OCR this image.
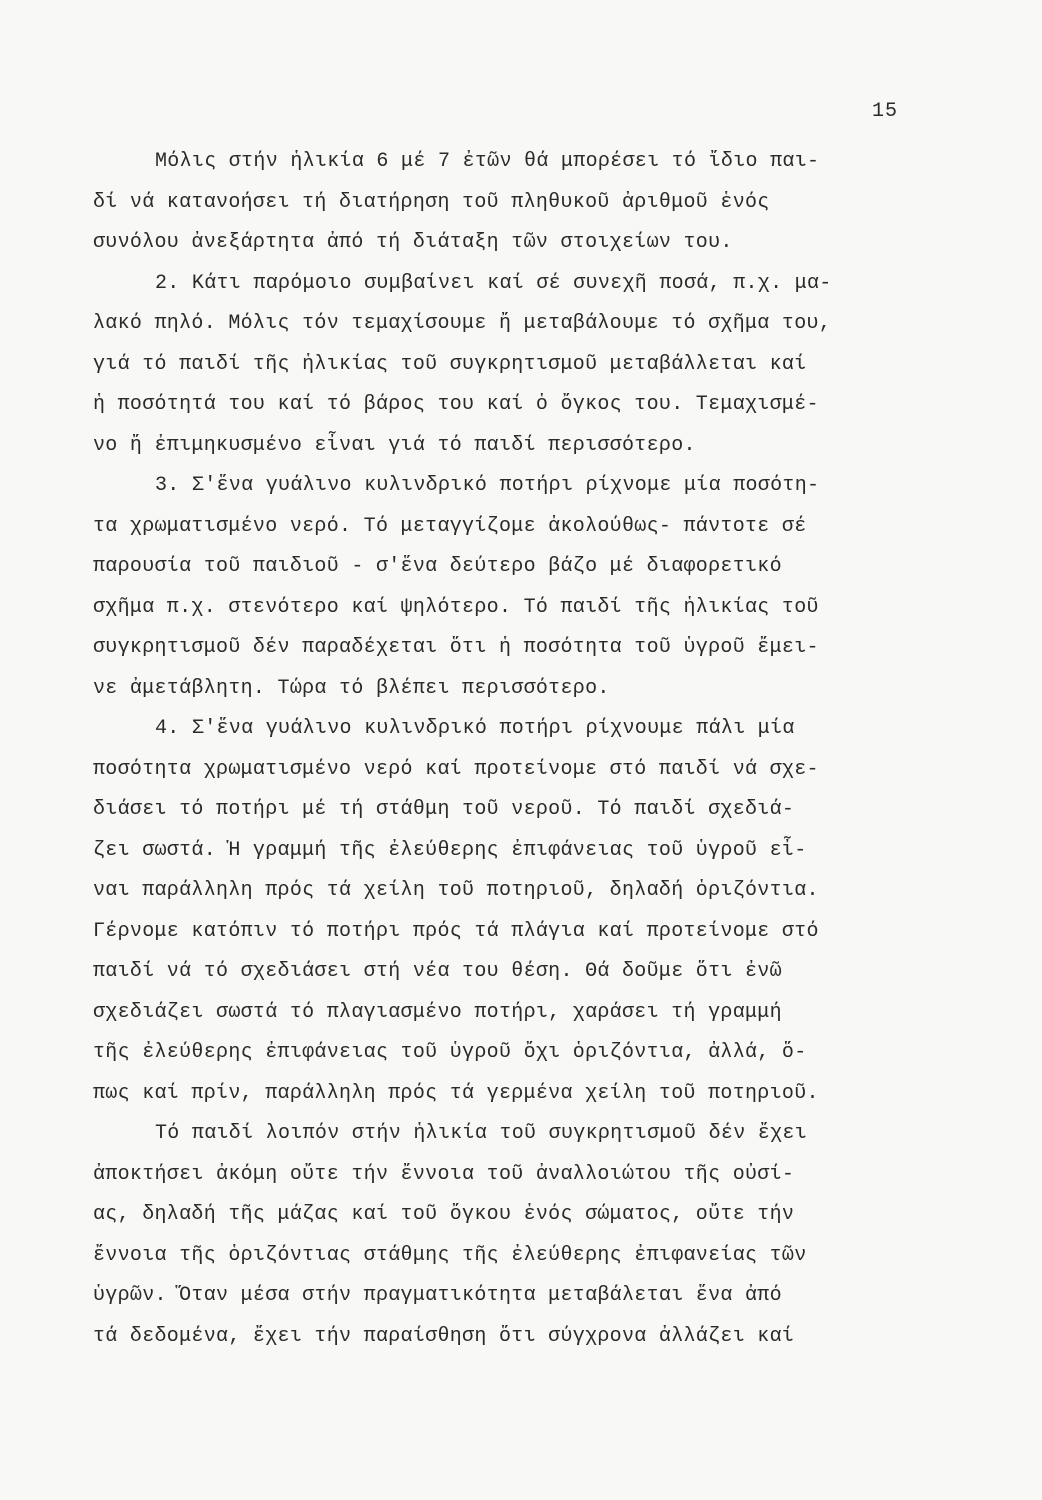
15
Μόλις στήν ἡλικία 6 μέ 7 ἐτῶν θά μπορέσει τό ἴδιο παι-
δί νά κατανοήσει τή διατήρηση τοῦ πληθυκοῦ ἀριθμοῦ ἑνός
συνόλου ἀνεξάρτητα ἀπό τή διάταξη τῶν στοιχείων του.
2. Κάτι παρόμοιο συμβαίνει καί σέ συνεχῆ ποσά, π.χ. μα-
λακό πηλό. Μόλις τόν τεμαχίσουμε ἤ μεταβάλουμε τό σχῆμα του,
γιά τό παιδί τῆς ἡλικίας τοῦ συγκρητισμοῦ μεταβάλλεται καί
ἡ ποσότητά του καί τό βάρος του καί ὁ ὄγκος του. Τεμαχισμέ-
νο ἤ ἐπιμηκυσμένο εἶναι γιά τό παιδί περισσότερο.
3. Σ'ἕνα γυάλινο κυλινδρικό ποτήρι ρίχνομε μία ποσότη-
τα χρωματισμένο νερό. Τό μεταγγίζομε ἀκολούθως- πάντοτε σέ
παρουσία τοῦ παιδιοῦ - σ'ἕνα δεύτερο βάζο μέ διαφορετικό
σχῆμα π.χ. στενότερο καί ψηλότερο. Τό παιδί τῆς ἡλικίας τοῦ
συγκρητισμοῦ δέν παραδέχεται ὅτι ἡ ποσότητα τοῦ ὑγροῦ ἔμει-
νε ἀμετάβλητη. Τώρα τό βλέπει περισσότερο.
4. Σ'ἕνα γυάλινο κυλινδρικό ποτήρι ρίχνουμε πάλι μία
ποσότητα χρωματισμένο νερό καί προτείνομε στό παιδί νά σχε-
διάσει τό ποτήρι μέ τή στάθμη τοῦ νεροῦ. Τό παιδί σχεδιά-
ζει σωστά. Ἡ γραμμή τῆς ἐλεύθερης ἐπιφάνειας τοῦ ὑγροῦ εἶ-
ναι παράλληλη πρός τά χείλη τοῦ ποτηριοῦ, δηλαδή ὁριζόντια.
Γέρνομε κατόπιν τό ποτήρι πρός τά πλάγια καί προτείνομε στό
παιδί νά τό σχεδιάσει στή νέα του θέση. Θά δοῦμε ὅτι ἐνῶ
σχεδιάζει σωστά τό πλαγιασμένο ποτήρι, χαράσει τή γραμμή
τῆς ἐλεύθερης ἐπιφάνειας τοῦ ὑγροῦ ὄχι ὁριζόντια, ἀλλά, ὅ-
πως καί πρίν, παράλληλη πρός τά γερμένα χείλη τοῦ ποτηριοῦ.
Τό παιδί λοιπόν στήν ἡλικία τοῦ συγκρητισμοῦ δέν ἔχει
ἀποκτήσει ἀκόμη οὔτε τήν ἔννοια τοῦ ἀναλλοιώτου τῆς οὐσί-
ας, δηλαδή τῆς μάζας καί τοῦ ὄγκου ἑνός σώματος, οὔτε τήν
ἔννοια τῆς ὁριζόντιας στάθμης τῆς ἐλεύθερης ἐπιφανείας τῶν
ὑγρῶν. Ὅταν μέσα στήν πραγματικότητα μεταβάλεται ἕνα ἀπό
τά δεδομένα, ἔχει τήν παραίσθηση ὅτι σύγχρονα ἀλλάζει καί
